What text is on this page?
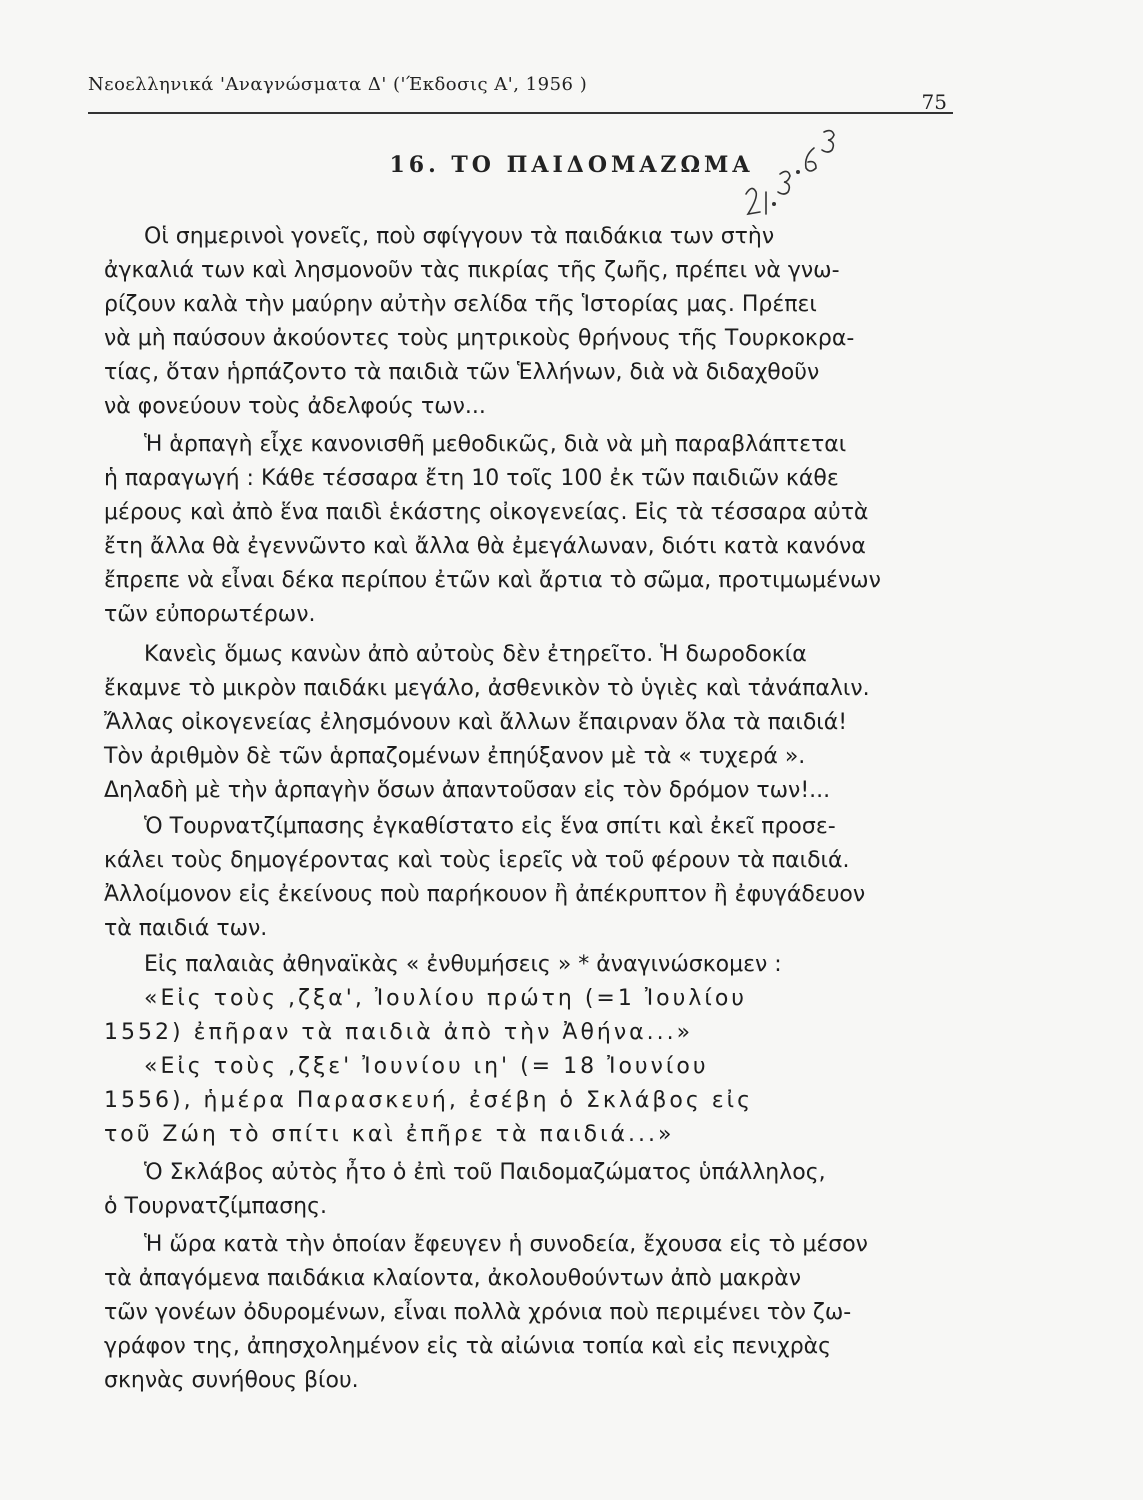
Νεοελληνικά 'Αναγνώσματα Δ' ('Έκδοσις Α', 1956 )
75
16. ΤΟ ΠΑΙΔΟΜΑΖΩΜΑ
Οἱ σημερινοὶ γονεῖς, ποὺ σφίγγουν τὰ παιδάκια των στὴν
ἀγκαλιά των καὶ λησμονοῦν τὰς πικρίας τῆς ζωῆς, πρέπει νὰ γνω-
ρίζουν καλὰ τὴν μαύρην αὐτὴν σελίδα τῆς Ἱστορίας μας. Πρέπει
νὰ μὴ παύσουν ἀκούοντες τοὺς μητρικοὺς θρήνους τῆς Τουρκοκρα-
τίας, ὅταν ἡρπάζοντο τὰ παιδιὰ τῶν Ἑλλήνων, διὰ νὰ διδαχθοῦν
νὰ φονεύουν τοὺς ἀδελφούς των...
Ἡ ἁρπαγὴ εἶχε κανονισθῆ μεθοδικῶς, διὰ νὰ μὴ παραβλάπτεται
ἡ παραγωγή : Κάθε τέσσαρα ἔτη 10 τοῖς 100 ἐκ τῶν παιδιῶν κάθε
μέρους καὶ ἀπὸ ἕνα παιδὶ ἑκάστης οἰκογενείας. Εἰς τὰ τέσσαρα αὐτὰ
ἔτη ἄλλα θὰ ἐγεννῶντο καὶ ἄλλα θὰ ἐμεγάλωναν, διότι κατὰ κανόνα
ἔπρεπε νὰ εἶναι δέκα περίπου ἐτῶν καὶ ἄρτια τὸ σῶμα, προτιμωμένων
τῶν εὐπορωτέρων.
Κανεὶς ὅμως κανὼν ἀπὸ αὐτοὺς δὲν ἐτηρεῖτο. Ἡ δωροδοκία
ἔκαμνε τὸ μικρὸν παιδάκι μεγάλο, ἀσθενικὸν τὸ ὑγιὲς καὶ τἀνάπαλιν.
Ἄλλας οἰκογενείας ἐλησμόνουν καὶ ἄλλων ἔπαιρναν ὅλα τὰ παιδιά!
Τὸν ἀριθμὸν δὲ τῶν ἁρπαζομένων ἐπηύξανον μὲ τὰ « τυχερά ».
Δηλαδὴ μὲ τὴν ἁρπαγὴν ὅσων ἀπαντοῦσαν εἰς τὸν δρόμον των!...
Ὁ Τουρνατζίμπασης ἐγκαθίστατο εἰς ἕνα σπίτι καὶ ἐκεῖ προσε-
κάλει τοὺς δημογέροντας καὶ τοὺς ἱερεῖς νὰ τοῦ φέρουν τὰ παιδιά.
Ἀλλοίμονον εἰς ἐκείνους ποὺ παρήκουον ἢ ἀπέκρυπτον ἢ ἐφυγάδευον
τὰ παιδιά των.
Εἰς παλαιὰς ἀθηναϊκὰς « ἐνθυμήσεις » * ἀναγινώσκομεν :
«Εἰς τοὺς ,ζξα', Ἰουλίου πρώτη (=1 Ἰουλίου
1552) ἐπῆραν τὰ παιδιὰ ἀπὸ τὴν Ἀθήνα...»
«Εἰς τοὺς ,ζξε' Ἰουνίου ιη' (= 18 Ἰουνίου
1556), ἡμέρα Παρασκευή, ἐσέβη ὁ Σκλάβος εἰς
τοῦ Ζώη τὸ σπίτι καὶ ἐπῆρε τὰ παιδιά...»
Ὁ Σκλάβος αὐτὸς ἦτο ὁ ἐπὶ τοῦ Παιδομαζώματος ὑπάλληλος,
ὁ Τουρνατζίμπασης.
Ἡ ὥρα κατὰ τὴν ὁποίαν ἔφευγεν ἡ συνοδεία, ἔχουσα εἰς τὸ μέσον
τὰ ἀπαγόμενα παιδάκια κλαίοντα, ἀκολουθούντων ἀπὸ μακρὰν
τῶν γονέων ὀδυρομένων, εἶναι πολλὰ χρόνια ποὺ περιμένει τὸν ζω-
γράφον της, ἀπησχολημένον εἰς τὰ αἰώνια τοπία καὶ εἰς πενιχρὰς
σκηνὰς συνήθους βίου.
